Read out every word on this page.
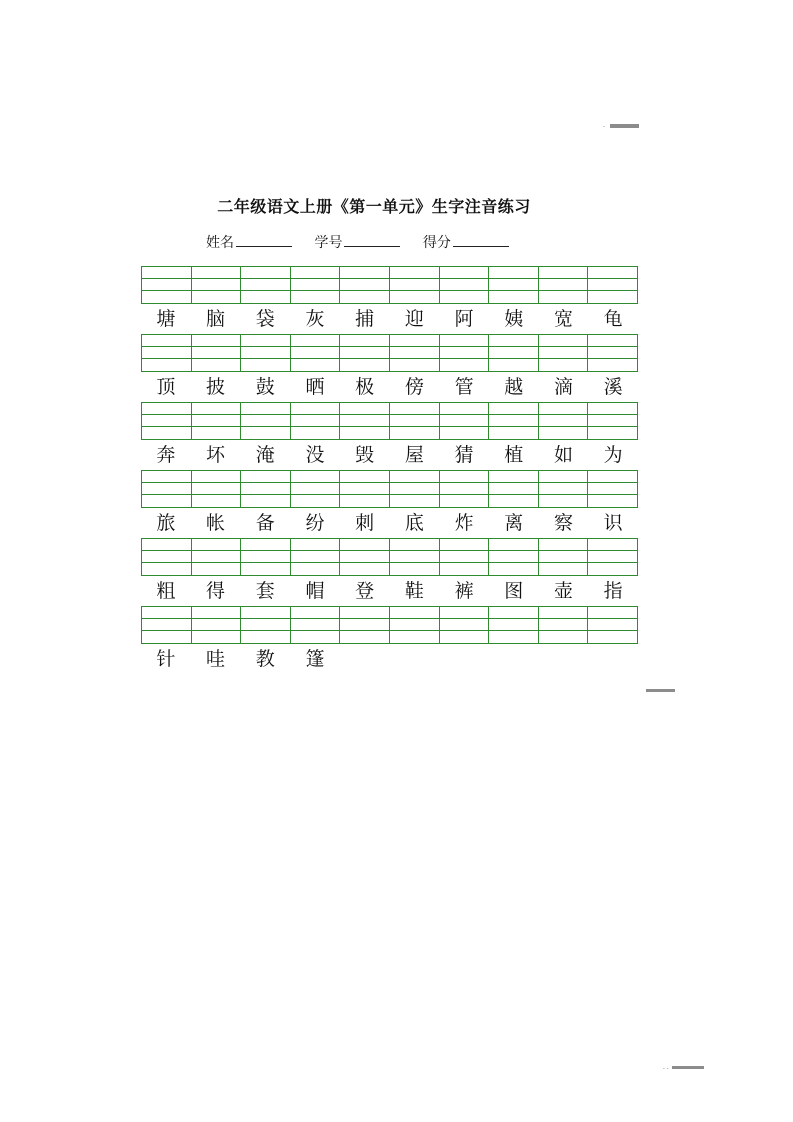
·
· ·
二年级语文上册《第一单元》生字注音练习
姓名	学号	得分
塘	脑	袋	灰	捕	迎	阿	姨	宽	龟
顶	披	鼓	晒	极	傍	管	越	滴	溪
奔	坏	淹	没	毁	屋	猜	植	如	为
旅	帐	备	纷	刺	底	炸	离	察	识
粗	得	套	帽	登	鞋	裤	图	壶	指
针	哇	教	篷
